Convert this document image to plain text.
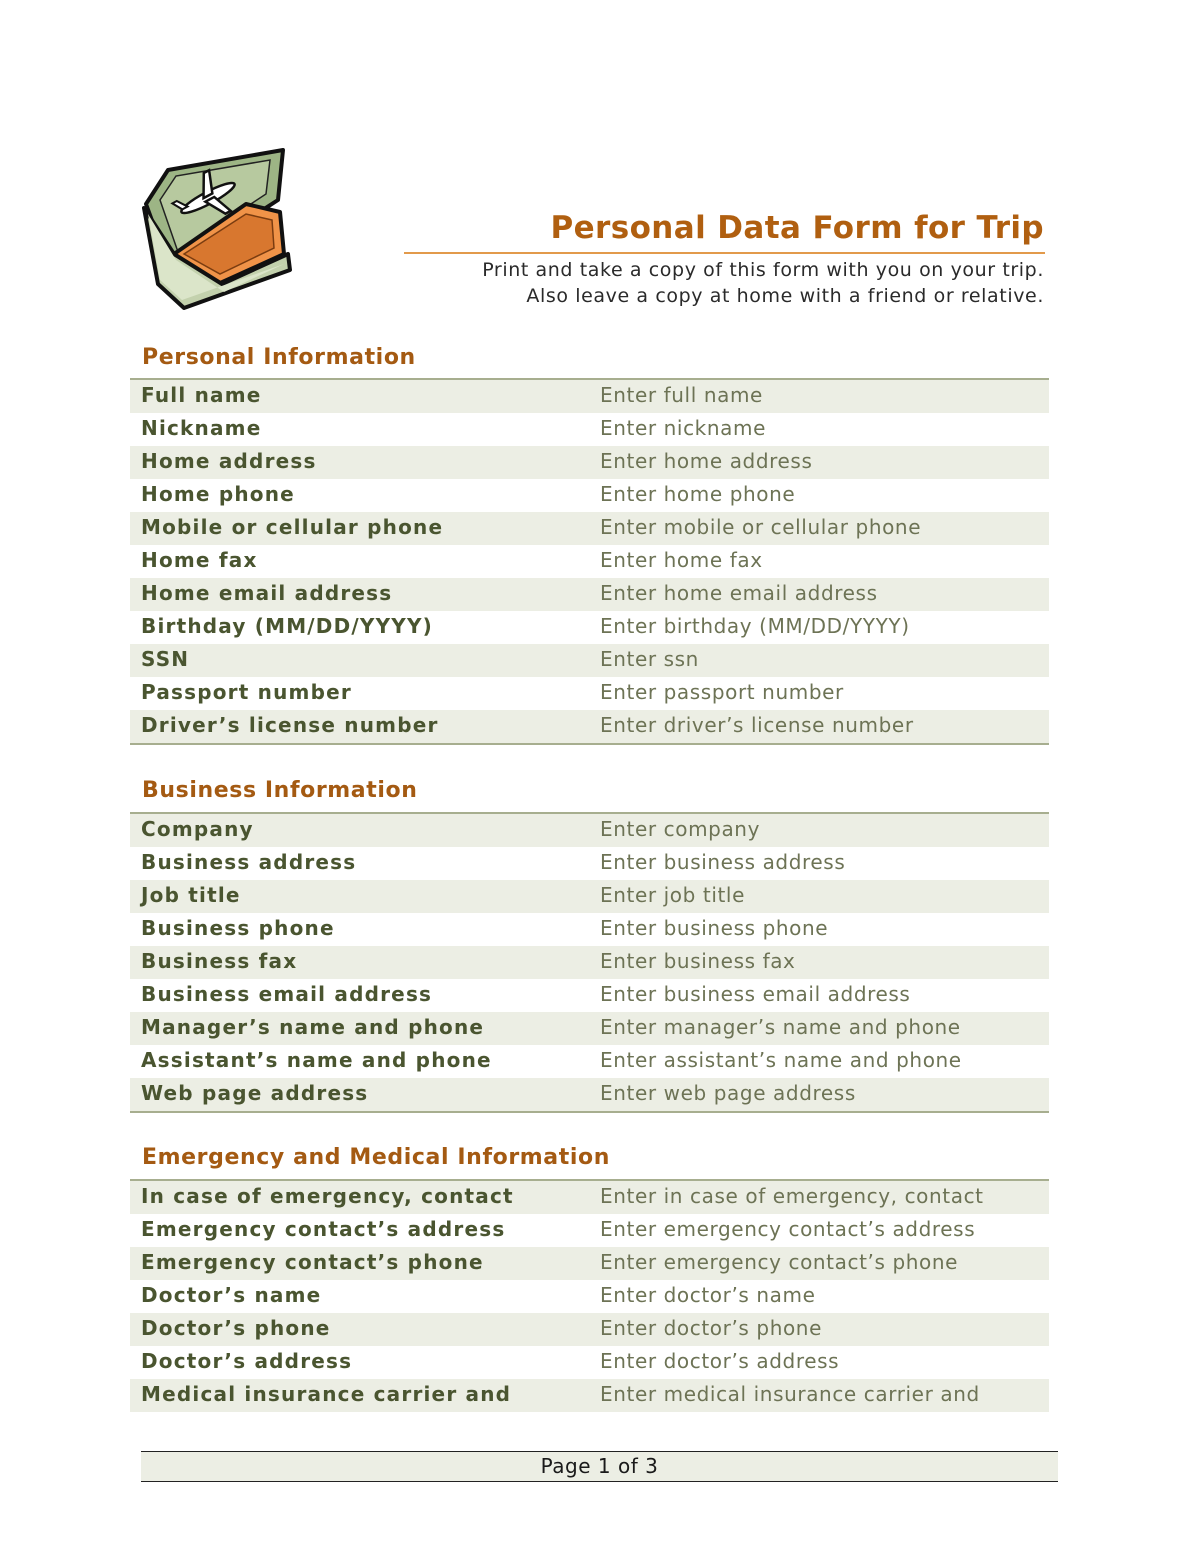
Personal Data Form for Trip
Print and take a copy of this form with you on your trip.
Also leave a copy at home with a friend or relative.
Personal Information
Full name	Enter full name
Nickname	Enter nickname
Home address	Enter home address
Home phone	Enter home phone
Mobile or cellular phone	Enter mobile or cellular phone
Home fax	Enter home fax
Home email address	Enter home email address
Birthday (MM/DD/YYYY)	Enter birthday (MM/DD/YYYY)
SSN	Enter ssn
Passport number	Enter passport number
Driver’s license number	Enter driver’s license number
Business Information
Company	Enter company
Business address	Enter business address
Job title	Enter job title
Business phone	Enter business phone
Business fax	Enter business fax
Business email address	Enter business email address
Manager’s name and phone	Enter manager’s name and phone
Assistant’s name and phone	Enter assistant’s name and phone
Web page address	Enter web page address
Emergency and Medical Information
In case of emergency, contact	Enter in case of emergency, contact
Emergency contact’s address	Enter emergency contact’s address
Emergency contact’s phone	Enter emergency contact’s phone
Doctor’s name	Enter doctor’s name
Doctor’s phone	Enter doctor’s phone
Doctor’s address	Enter doctor’s address
Medical insurance carrier and	Enter medical insurance carrier and
Page 1 of 3
